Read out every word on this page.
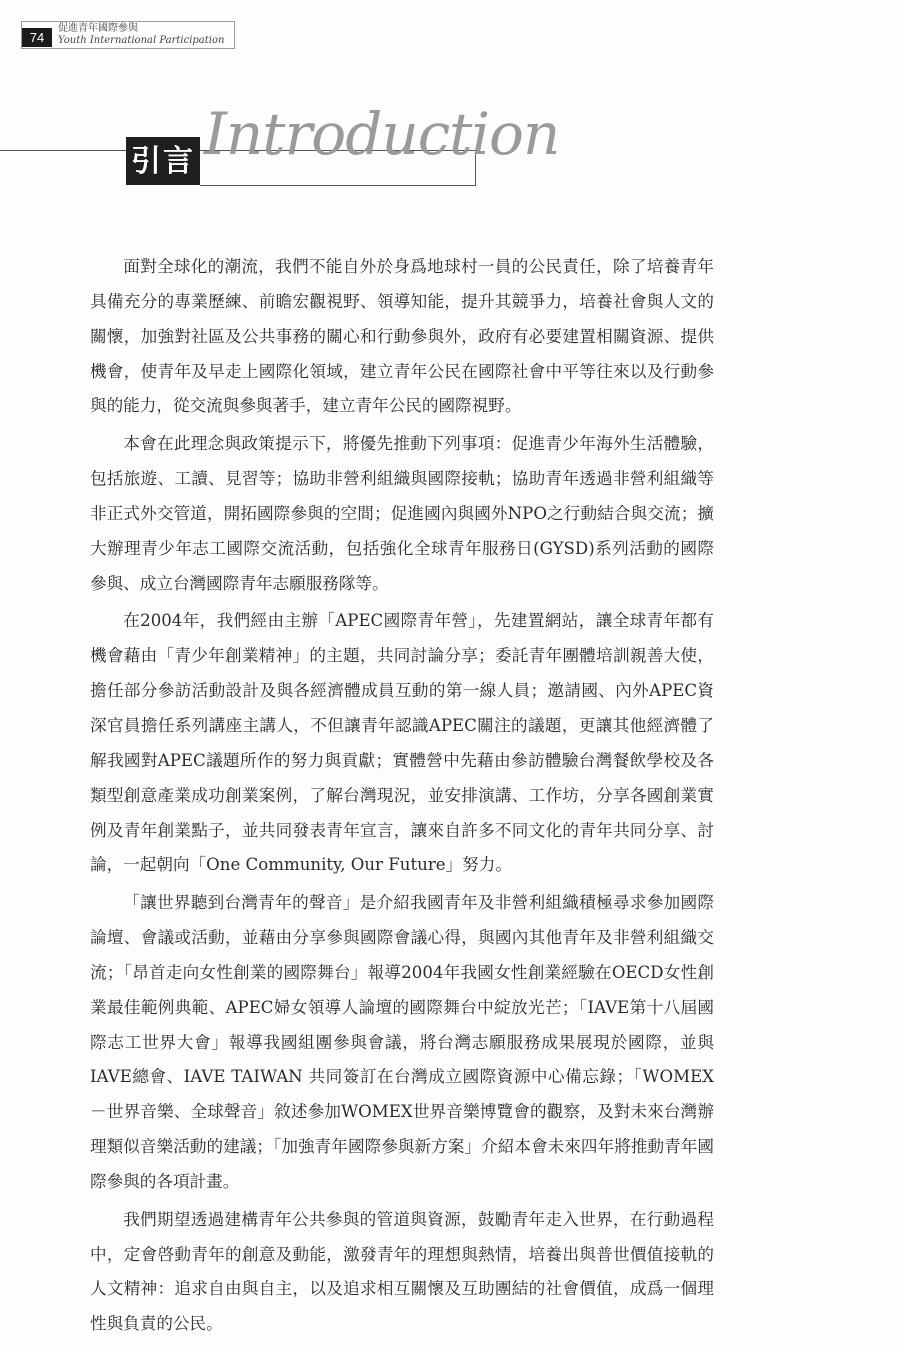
74
促進青年國際參與
Youth International Participation
Introduction
引言

面對全球化的潮流，我們不能自外於身爲地球村一員的公民責任，除了培養青年具備充分的專業歷練、前瞻宏觀視野、領導知能，提升其競爭力，培養社會與人文的關懷，加強對社區及公共事務的關心和行動參與外，政府有必要建置相關資源、提供機會，使青年及早走上國際化領域，建立青年公民在國際社會中平等往來以及行動參與的能力，從交流與參與著手，建立青年公民的國際視野。

本會在此理念與政策提示下，將優先推動下列事項：促進青少年海外生活體驗，包括旅遊、工讀、見習等；協助非營利組織與國際接軌；協助青年透過非營利組織等非正式外交管道，開拓國際參與的空間；促進國內與國外NPO之行動結合與交流；擴大辦理青少年志工國際交流活動，包括強化全球青年服務日(GYSD)系列活動的國際參與、成立台灣國際青年志願服務隊等。

在2004年，我們經由主辦「APEC國際青年營」，先建置網站，讓全球青年都有機會藉由「青少年創業精神」的主題，共同討論分享；委託青年團體培訓親善大使，擔任部分參訪活動設計及與各經濟體成員互動的第一線人員；邀請國、內外APEC資深官員擔任系列講座主講人，不但讓青年認識APEC關注的議題，更讓其他經濟體了解我國對APEC議題所作的努力與貢獻；實體營中先藉由參訪體驗台灣餐飲學校及各類型創意產業成功創業案例，了解台灣現況，並安排演講、工作坊，分享各國創業實例及青年創業點子，並共同發表青年宣言，讓來自許多不同文化的青年共同分享、討論，一起朝向「One Community, Our Future」努力。

「讓世界聽到台灣青年的聲音」是介紹我國青年及非營利組織積極尋求參加國際論壇、會議或活動，並藉由分享參與國際會議心得，與國內其他青年及非營利組織交流；「昂首走向女性創業的國際舞台」報導2004年我國女性創業經驗在OECD女性創業最佳範例典範、APEC婦女領導人論壇的國際舞台中綻放光芒；「IAVE第十八屆國際志工世界大會」報導我國組團參與會議，將台灣志願服務成果展現於國際，並與IAVE總會、IAVE TAIWAN 共同簽訂在台灣成立國際資源中心備忘錄；「WOMEX－世界音樂、全球聲音」敘述參加WOMEX世界音樂博覽會的觀察，及對未來台灣辦理類似音樂活動的建議；「加強青年國際參與新方案」介紹本會未來四年將推動青年國際參與的各項計畫。

我們期望透過建構青年公共參與的管道與資源，鼓勵青年走入世界，在行動過程中，定會啓動青年的創意及動能，激發青年的理想與熱情，培養出與普世價值接軌的人文精神：追求自由與自主，以及追求相互關懷及互助團結的社會價值，成爲一個理性與負責的公民。
